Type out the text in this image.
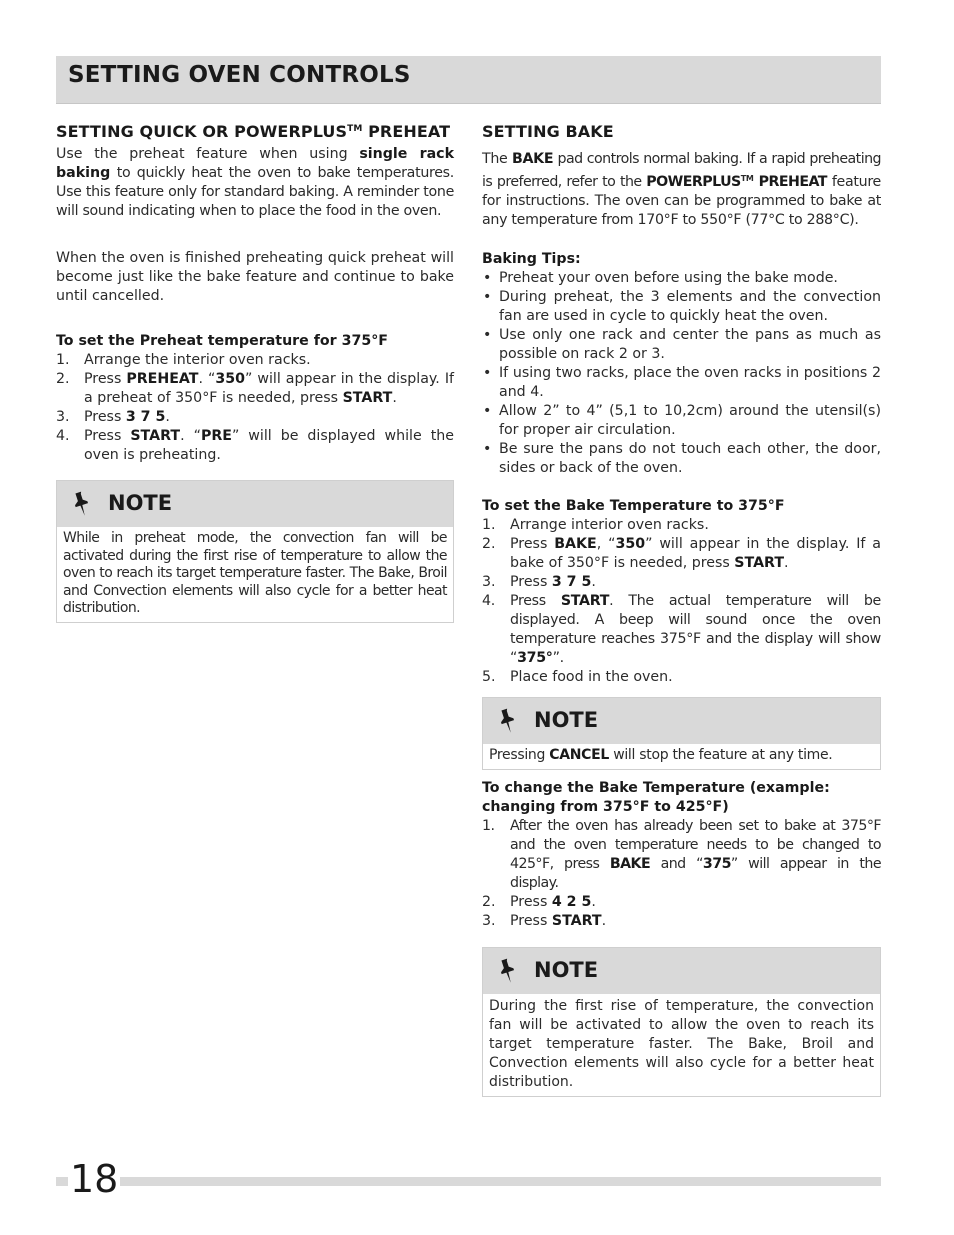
SETTING OVEN CONTROLS
SETTING QUICK OR POWERPLUS™ PREHEAT

Use the preheat feature when using single rack baking to quickly heat the oven to bake temperatures. Use this feature only for standard baking. A reminder tone will sound indicating when to place the food in the oven.

When the oven is finished preheating quick preheat will become just like the bake feature and continue to bake until cancelled.

To set the Preheat temperature for 375°F

1. Arrange the interior oven racks.
2. Press PREHEAT. “350” will appear in the display. If a preheat of 350°F is needed, press START.
3. Press 3 7 5.
4. Press START. “PRE” will be displayed while the oven is preheating.
NOTE

While in preheat mode, the convection fan will be activated during the first rise of temperature to allow the oven to reach its target temperature faster. The Bake, Broil and Convection elements will also cycle for a better heat distribution.

SETTING BAKE

The BAKE pad controls normal baking. If a rapid preheating is preferred, refer to the POWERPLUS™ PREHEAT feature for instructions. The oven can be programmed to bake at any temperature from 170°F to 550°F (77°C to 288°C).

Baking Tips:

• Preheat your oven before using the bake mode.
• During preheat, the 3 elements and the convection fan are used in cycle to quickly heat the oven.
• Use only one rack and center the pans as much as possible on rack 2 or 3.
• If using two racks, place the oven racks in positions 2 and 4.
• Allow 2” to 4” (5,1 to 10,2cm) around the utensil(s) for proper air circulation.
• Be sure the pans do not touch each other, the door, sides or back of the oven.

To set the Bake Temperature to 375°F

1. Arrange interior oven racks.
2. Press BAKE, “350” will appear in the display. If a bake of 350°F is needed, press START.
3. Press 3 7 5.
4. Press START. The actual temperature will be displayed. A beep will sound once the oven temperature reaches 375°F and the display will show “375°”.
5. Place food in the oven.
NOTE

Pressing CANCEL will stop the feature at any time.

To change the Bake Temperature (example: changing from 375°F to 425°F)

1. After the oven has already been set to bake at 375°F and the oven temperature needs to be changed to 425°F, press BAKE and “375” will appear in the display.
2. Press 4 2 5.
3. Press START.
NOTE

During the first rise of temperature, the convection fan will be activated to allow the oven to reach its target temperature faster. The Bake, Broil and Convection elements will also cycle for a better heat distribution.

18
